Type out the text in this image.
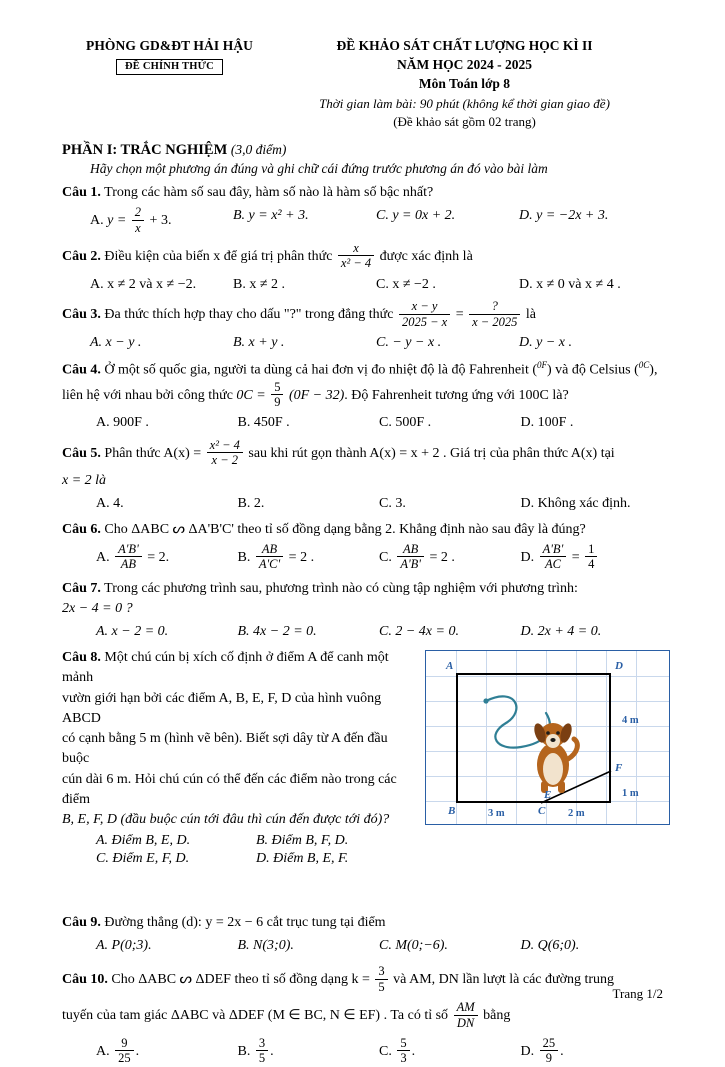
PHÒNG GD&ĐT HẢI HẬU
ĐỀ CHÍNH THỨC
ĐỀ KHẢO SÁT CHẤT LƯỢNG HỌC KÌ II
NĂM HỌC 2024 - 2025
Môn Toán lớp 8
Thời gian làm bài: 90 phút (không kể thời gian giao đề)
(Đề khảo sát gồm 02 trang)
PHẦN I: TRẮC NGHIỆM (3,0 điểm)
Hãy chọn một phương án đúng và ghi chữ cái đứng trước phương án đó vào bài làm
Câu 1. Trong các hàm số sau đây, hàm số nào là hàm số bậc nhất?
A. $y = \frac{2}{x} + 3$.	B. y = x² + 3.	C. y = 0x + 2.	D. y = −2x + 3.
Câu 2. Điều kiện của biến x để giá trị phân thức $\frac{x}{\text{x² − 4}}$ được xác định là
A. x ≠ 2 và x ≠ −2.	B. x ≠ 2 .	C. x ≠ −2 .	D. x ≠ 0 và x ≠ 4 .
Câu 3. Đa thức thích hợp thay cho dấu "?" trong đẳng thức $\frac{x - y}{2025 - x} = \frac{?}{x - 2025}$ là
A. x − y .	B. x + y .	C. − y − x .	D. y − x .
Câu 4. Ở một số quốc gia, người ta dùng cả hai đơn vị đo nhiệt độ là độ Fahrenheit ($^{0F}$) và độ Celsius ($^{0C}$), liên hệ với nhau bởi công thức $0C = \frac{5}{9} (0F - 32)$. Độ Fahrenheit tương ứng với 100C là?
A. 900F .	B. 450F .	C. 500F .	D. 100F .
Câu 5. Phân thức $A(x) = \frac{\text{x² − 4}}{x - 2}$ sau khi rút gọn thành A(x) = x + 2 . Giá trị của phân thức A(x) tại
x = 2 là
A. 4.	B. 2.	C. 3.	D. Không xác định.
Câu 6. Cho ΔABC ᔕ ΔA'B'C' theo tỉ số đồng dạng bằng 2. Khẳng định nào sau đây là đúng?
A. $\frac{A'B'}{AB} = 2$.	B. $\frac{AB}{A'C'} = 2$ .	C. $\frac{AB}{A'B'} = 2$ .	D. $\frac{A'B'}{AC} = \frac{1}{4}$
Câu 7. Trong các phương trình sau, phương trình nào có cùng tập nghiệm với phương trình:
2x − 4 = 0 ?
A. x − 2 = 0.	B. 4x − 2 = 0.	C. 2 − 4x = 0.	D. 2x + 4 = 0.
Câu 8. Một chú cún bị xích cố định ở điểm A để canh một mảnh
vườn giới hạn bởi các điểm A, B, E, F, D của hình vuông ABCD
có cạnh bằng 5 m (hình vẽ bên). Biết sợi dây từ A đến đầu buộc
cún dài 6 m. Hỏi chú cún có thể đến các điểm nào trong các điểm
B, E, F, D (đầu buộc cún tới đâu thì cún đến được tới đó)?
A	D
B	C
F
E
4 m
1 m
3 m	2 m
A. Điểm B, E, D.	B. Điểm B, F, D.
C. Điểm E, F, D.	D. Điểm B, E, F.
Câu 9. Đường thẳng (d): y = 2x − 6 cắt trục tung tại điểm
A. P(0;3).	B. N(3;0).	C. M(0;−6).	D. Q(6;0).
Câu 10. Cho ΔABC ᔕ ΔDEF theo tỉ số đồng dạng $k = \frac{3}{5}$ và AM, DN lần lượt là các đường trung
tuyến của tam giác ΔABC và ΔDEF (M ∈ BC, N ∈ EF) . Ta có tỉ số $\frac{AM}{DN}$ bằng
A. $\frac{9}{25}$ .	B. $\frac{3}{5}$ .	C. $\frac{5}{3}$ .	D. $\frac{25}{9}$ .
Trang 1/2
